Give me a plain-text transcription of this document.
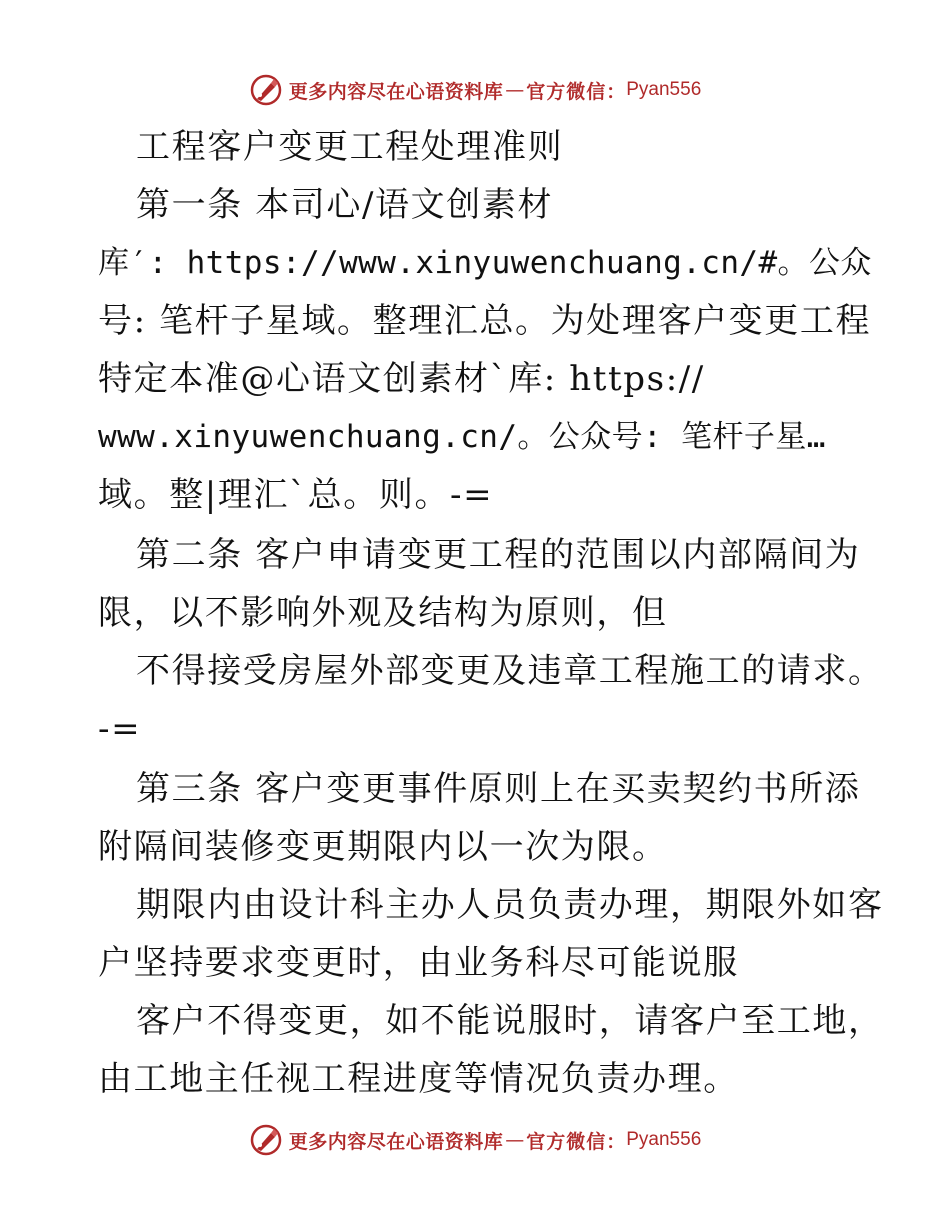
更多内容尽在心语资料库 — 官方微信： Pyan556
工程客户变更工程处理准则
第一条 本司心/语文创素材
库′: https://www.xinyuwenchuang.cn/#。公众
号: 笔杆子星域。整理汇总。为处理客户变更工程
特定本准@心语文创素材`库: https://
www.xinyuwenchuang.cn/。公众号: 笔杆子星…
域。整|理汇`总。则。-=
第二条 客户申请变更工程的范围以内部隔间为
限，以不影响外观及结构为原则，但
不得接受房屋外部变更及违章工程施工的请求。
-=
第三条 客户变更事件原则上在买卖契约书所添
附隔间装修变更期限内以一次为限。
期限内由设计科主办人员负责办理，期限外如客
户坚持要求变更时，由业务科尽可能说服
客户不得变更，如不能说服时，请客户至工地，
由工地主任视工程进度等情况负责办理。
更多内容尽在心语资料库 — 官方微信： Pyan556
